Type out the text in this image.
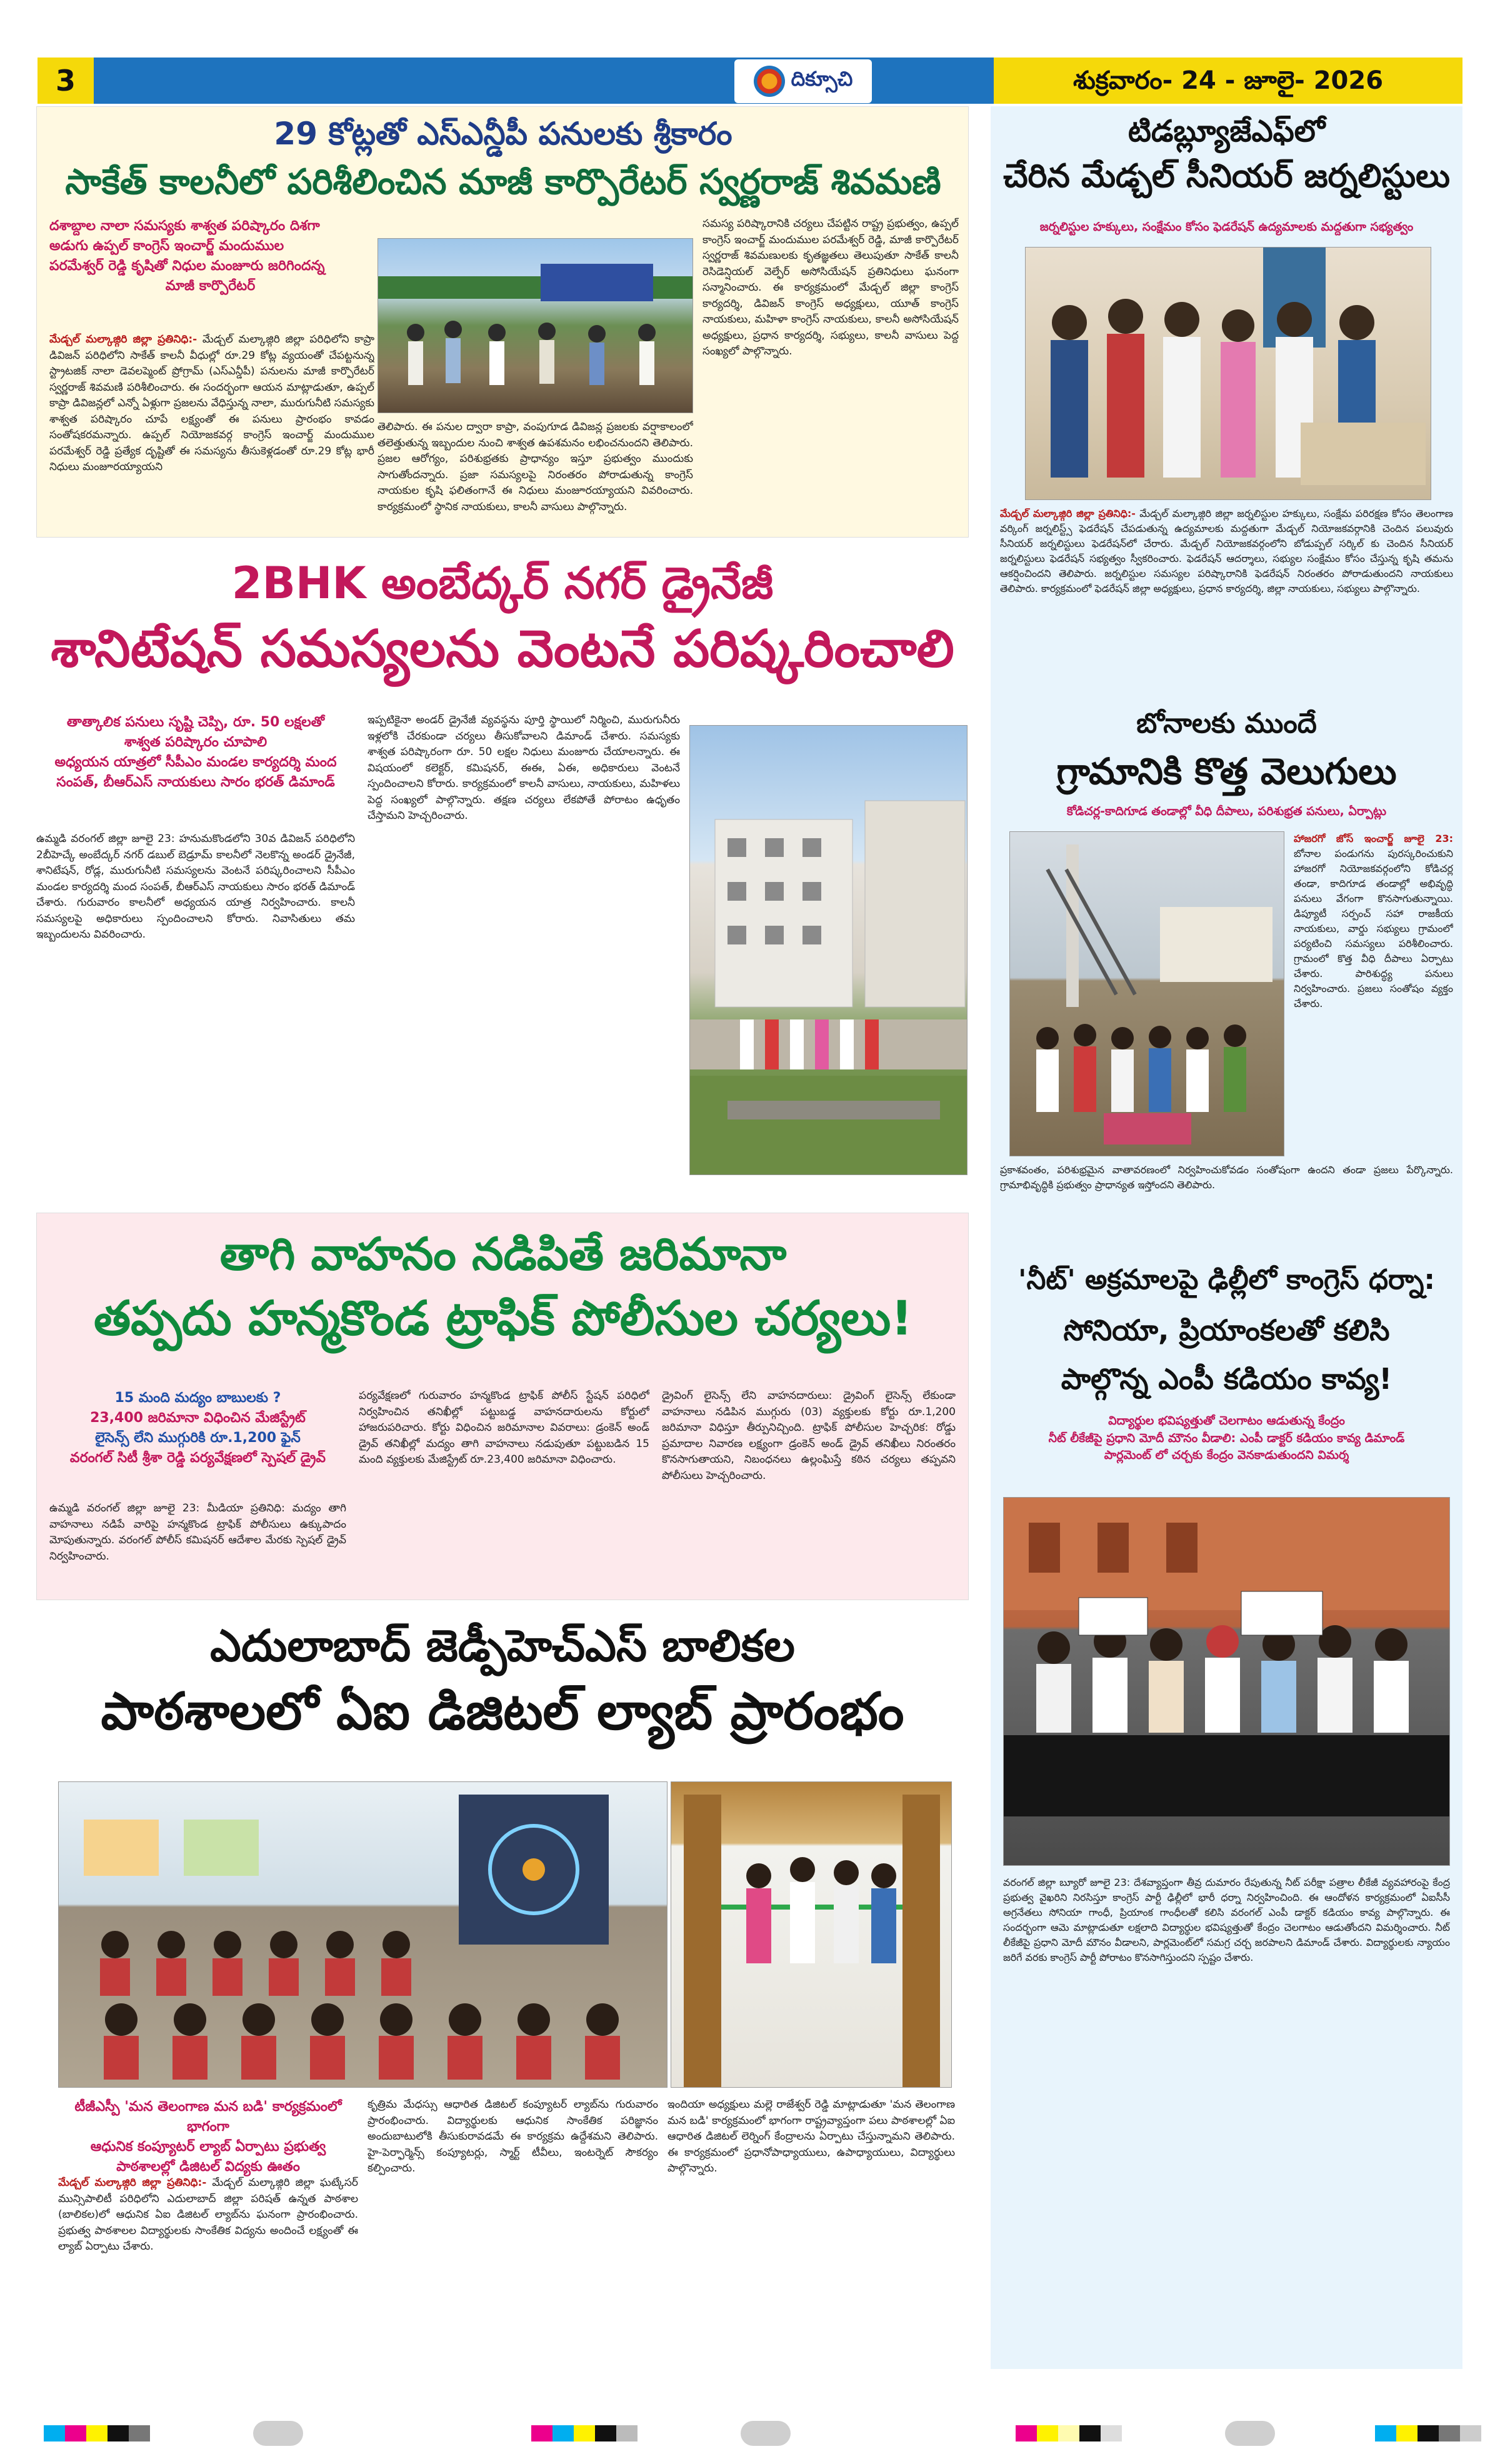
3	దిక్సూచి	శుక్రవారం- 24 - జూలై- 2026
29 కోట్లతో ఎస్ఎన్డీపీ పనులకు శ్రీకారం
సాకేత్ కాలనీలో పరిశీలించిన మాజీ కార్పొరేటర్ స్వర్ణరాజ్ శివమణి
దశాబ్దాల నాలా సమస్యకు శాశ్వత పరిష్కారం దిశగా
అడుగు ఉప్పల్ కాంగ్రెస్ ఇంచార్జ్ మందుముల
పరమేశ్వర్ రెడ్డి కృషితో నిధుల మంజూరు జరిగిందన్న
మాజీ కార్పొరేటర్
మేడ్చల్ మల్కాజ్గిరి జిల్లా ప్రతినిధి:- మేడ్చల్ మల్కాజ్గిరి జిల్లా పరిధిలోని కాప్రా డివిజన్ పరిధిలోని సాకేత్ కాలనీ వీధుల్లో రూ.29 కోట్ల వ్యయంతో చేపట్టనున్న స్ట్రాటజిక్ నాలా డెవలప్మెంట్ ప్రోగ్రామ్ (ఎస్ఎన్డీపీ) పనులను మాజీ కార్పొరేటర్ స్వర్ణరాజ్ శివమణి పరిశీలించారు. ఈ సందర్భంగా ఆయన మాట్లాడుతూ, ఉప్పల్ కాప్రా డివిజన్లలో ఎన్నో ఏళ్లుగా ప్రజలను వేధిస్తున్న నాలా, మురుగునీటి సమస్యకు శాశ్వత పరిష్కారం చూపే లక్ష్యంతో ఈ పనులు ప్రారంభం కావడం సంతోషకరమన్నారు. ఉప్పల్ నియోజకవర్గ కాంగ్రెస్ ఇంచార్జ్ మందుముల పరమేశ్వర్ రెడ్డి ప్రత్యేక దృష్టితో ఈ సమస్యను తీసుకెళ్లడంతో రూ.29 కోట్ల భారీ నిధులు మంజూరయ్యాయని
తెలిపారు. ఈ పనుల ద్వారా కాప్రా, వంపుగూడ డివిజన్ల ప్రజలకు వర్షాకాలంలో తలెత్తుతున్న ఇబ్బందుల నుంచి శాశ్వత ఉపశమనం లభించనుందని తెలిపారు. ప్రజల ఆరోగ్యం, పరిశుభ్రతకు ప్రాధాన్యం ఇస్తూ ప్రభుత్వం ముందుకు సాగుతోందన్నారు. ప్రజా సమస్యలపై నిరంతరం పోరాడుతున్న కాంగ్రెస్ నాయకుల కృషి ఫలితంగానే ఈ నిధులు మంజూరయ్యాయని వివరించారు. కార్యక్రమంలో స్థానిక నాయకులు, కాలనీ వాసులు పాల్గొన్నారు.
సమస్య పరిష్కారానికి చర్యలు చేపట్టిన రాష్ట్ర ప్రభుత్వం, ఉప్పల్ కాంగ్రెస్ ఇంచార్జ్ మందుముల పరమేశ్వర్ రెడ్డి, మాజీ కార్పొరేటర్ స్వర్ణరాజ్ శివమణులకు కృతజ్ఞతలు తెలుపుతూ సాకేత్ కాలనీ రెసిడెన్షియల్ వెల్ఫేర్ అసోసియేషన్ ప్రతినిధులు ఘనంగా సన్మానించారు. ఈ కార్యక్రమంలో మేడ్చల్ జిల్లా కాంగ్రెస్ కార్యదర్శి, డివిజన్ కాంగ్రెస్ అధ్యక్షులు, యూత్ కాంగ్రెస్ నాయకులు, మహిళా కాంగ్రెస్ నాయకులు, కాలనీ అసోసియేషన్ అధ్యక్షులు, ప్రధాన కార్యదర్శి, సభ్యులు, కాలనీ వాసులు పెద్ద సంఖ్యలో పాల్గొన్నారు.
2BHK అంబేద్కర్ నగర్ డ్రైనేజీ
శానిటేషన్ సమస్యలను వెంటనే పరిష్కరించాలి
తాత్కాలిక పనులు సృష్టి చెప్పి, రూ. 50 లక్షలతో
శాశ్వత పరిష్కారం చూపాలి
అధ్యయన యాత్రలో సీపీఎం మండల కార్యదర్శి మంద
సంపత్, బీఆర్ఎస్ నాయకులు సారం భరత్ డిమాండ్
ఉమ్మడి వరంగల్ జిల్లా జూలై 23: హనుమకొండలోని 30వ డివిజన్ పరిధిలోని 2బీహెచ్కే అంబేద్కర్ నగర్ డబుల్ బెడ్రూమ్ కాలనీలో నెలకొన్న అండర్ డ్రైనేజీ, శానిటేషన్, రోడ్ల, మురుగునీటి సమస్యలను వెంటనే పరిష్కరించాలని సీపీఎం మండల కార్యదర్శి మంద సంపత్, బీఆర్ఎస్ నాయకులు సారం భరత్ డిమాండ్ చేశారు. గురువారం కాలనీలో అధ్యయన యాత్ర నిర్వహించారు. కాలనీ సమస్యలపై అధికారులు స్పందించాలని కోరారు. నివాసితులు తమ ఇబ్బందులను వివరించారు.
ఇప్పటికైనా అండర్ డ్రైనేజీ వ్యవస్థను పూర్తి స్థాయిలో నిర్మించి, మురుగునీరు ఇళ్లలోకి చేరకుండా చర్యలు తీసుకోవాలని డిమాండ్ చేశారు. సమస్యకు శాశ్వత పరిష్కారంగా రూ. 50 లక్షల నిధులు మంజూరు చేయాలన్నారు. ఈ విషయంలో కలెక్టర్, కమిషనర్, ఈఈ, ఏఈ, అధికారులు వెంటనే స్పందించాలని కోరారు. కార్యక్రమంలో కాలనీ వాసులు, నాయకులు, మహిళలు పెద్ద సంఖ్యలో పాల్గొన్నారు. తక్షణ చర్యలు లేకపోతే పోరాటం ఉధృతం చేస్తామని హెచ్చరించారు.
తాగి వాహనం నడిపితే జరిమానా
తప్పదు హన్మకొండ ట్రాఫిక్ పోలీసుల చర్యలు!
15 మంది మద్యం బాబులకు ?
23,400 జరిమానా విధించిన మేజిస్ట్రేట్
లైసెన్స్ లేని ముగ్గురికి రూ.1,200 ఫైన్
వరంగల్ సిటీ శ్రీశా రెడ్డి పర్యవేక్షణలో స్పెషల్ డ్రైవ్
ఉమ్మడి వరంగల్ జిల్లా జూలై 23: మీడియా ప్రతినిధి: మద్యం తాగి వాహనాలు నడిపే వారిపై హన్మకొండ ట్రాఫిక్ పోలీసులు ఉక్కుపాదం మోపుతున్నారు. వరంగల్ పోలీస్ కమిషనర్ ఆదేశాల మేరకు స్పెషల్ డ్రైవ్ నిర్వహించారు.
పర్యవేక్షణలో గురువారం హన్మకొండ ట్రాఫిక్ పోలీస్ స్టేషన్ పరిధిలో నిర్వహించిన తనిఖీల్లో పట్టుబడ్డ వాహనదారులను కోర్టులో హాజరుపరిచారు. కోర్టు విధించిన జరిమానాల వివరాలు: డ్రంకెన్ అండ్ డ్రైవ్ తనిఖీల్లో మద్యం తాగి వాహనాలు నడుపుతూ పట్టుబడిన 15 మంది వ్యక్తులకు మేజిస్ట్రేట్ రూ.23,400 జరిమానా విధించారు.
డ్రైవింగ్ లైసెన్స్ లేని వాహనదారులు: డ్రైవింగ్ లైసెన్స్ లేకుండా వాహనాలు నడిపిన ముగ్గురు (03) వ్యక్తులకు కోర్టు రూ.1,200 జరిమానా విధిస్తూ తీర్పునిచ్చింది. ట్రాఫిక్ పోలీసుల హెచ్చరిక: రోడ్డు ప్రమాదాల నివారణ లక్ష్యంగా డ్రంకెన్ అండ్ డ్రైవ్ తనిఖీలు నిరంతరం కొనసాగుతాయని, నిబంధనలు ఉల్లంఘిస్తే కఠిన చర్యలు తప్పవని పోలీసులు హెచ్చరించారు.
ఎదులాబాద్ జెడ్పీహెచ్ఎస్ బాలికల
పాఠశాలలో ఏఐ డిజిటల్ ల్యాబ్ ప్రారంభం
టీజీఎస్పీ 'మన తెలంగాణ మన బడి' కార్యక్రమంలో భాగంగా
ఆధునిక కంప్యూటర్ ల్యాబ్ ఏర్పాటు ప్రభుత్వ
పాఠశాలల్లో డిజిటల్ విద్యకు ఊతం
మేడ్చల్ మల్కాజ్గిరి జిల్లా ప్రతినిధి:- మేడ్చల్ మల్కాజ్గిరి జిల్లా ఘట్కేసర్ మున్సిపాలిటీ పరిధిలోని ఎదులాబాద్ జిల్లా పరిషత్ ఉన్నత పాఠశాల (బాలికల)లో ఆధునిక ఏఐ డిజిటల్ ల్యాబ్‌ను ఘనంగా ప్రారంభించారు. ప్రభుత్వ పాఠశాలల విద్యార్థులకు సాంకేతిక విద్యను అందించే లక్ష్యంతో ఈ ల్యాబ్ ఏర్పాటు చేశారు.
కృత్రిమ మేధస్సు ఆధారిత డిజిటల్ కంప్యూటర్ ల్యాబ్‌ను గురువారం ప్రారంభించారు. విద్యార్థులకు ఆధునిక సాంకేతిక పరిజ్ఞానం అందుబాటులోకి తీసుకురావడమే ఈ కార్యక్రమ ఉద్దేశమని తెలిపారు. హై-పెర్ఫార్మెన్స్ కంప్యూటర్లు, స్మార్ట్ టీవీలు, ఇంటర్నెట్ సౌకర్యం కల్పించారు.
ఇందియా అధ్యక్షులు మల్లె రాజేశ్వర్ రెడ్డి మాట్లాడుతూ 'మన తెలంగాణ మన బడి' కార్యక్రమంలో భాగంగా రాష్ట్రవ్యాప్తంగా పలు పాఠశాలల్లో ఏఐ ఆధారిత డిజిటల్ లెర్నింగ్ కేంద్రాలను ఏర్పాటు చేస్తున్నామని తెలిపారు. ఈ కార్యక్రమంలో ప్రధానోపాధ్యాయులు, ఉపాధ్యాయులు, విద్యార్థులు పాల్గొన్నారు.
టిడబ్ల్యూజేఎఫ్‌లో
చేరిన మేడ్చల్ సీనియర్ జర్నలిస్టులు
జర్నలిస్టుల హక్కులు, సంక్షేమం కోసం ఫెడరేషన్ ఉద్యమాలకు మద్దతుగా సభ్యత్వం
మేడ్చల్ మల్కాజ్గిరి జిల్లా ప్రతినిధి:- మేడ్చల్ మల్కాజ్గిరి జిల్లా జర్నలిస్టుల హక్కులు, సంక్షేమ పరిరక్షణ కోసం తెలంగాణ వర్కింగ్ జర్నలిస్ట్స్ ఫెడరేషన్ చేపడుతున్న ఉద్యమాలకు మద్దతుగా మేడ్చల్ నియోజకవర్గానికి చెందిన పలువురు సీనియర్ జర్నలిస్టులు ఫెడరేషన్‌లో చేరారు. మేడ్చల్ నియోజకవర్గంలోని బోడుప్పల్ సర్కిల్ కు చెందిన సీనియర్ జర్నలిస్టులు ఫెడరేషన్ సభ్యత్వం స్వీకరించారు. ఫెడరేషన్ ఆదర్శాలు, సభ్యుల సంక్షేమం కోసం చేస్తున్న కృషి తమను ఆకర్షించిందని తెలిపారు. జర్నలిస్టుల సమస్యల పరిష్కారానికి ఫెడరేషన్ నిరంతరం పోరాడుతుందని నాయకులు తెలిపారు. కార్యక్రమంలో ఫెడరేషన్ జిల్లా అధ్యక్షులు, ప్రధాన కార్యదర్శి, జిల్లా నాయకులు, సభ్యులు పాల్గొన్నారు.
బోనాలకు ముందే
గ్రామానికి కొత్త వెలుగులు
కోడిచర్ల-కాదిగూడ తండాల్లో వీధి దీపాలు, పరిశుభ్రత పనులు, ఏర్పాట్లు
హాజరగో జోస్ ఇంచార్జ్ జూలై 23: బోనాల పండుగను పురస్కరించుకుని హాజరగో నియోజకవర్గంలోని కోడిచర్ల తండా, కాదిగూడ తండాల్లో అభివృద్ధి పనులు వేగంగా కొనసాగుతున్నాయి. డిప్యూటీ సర్పంచ్ సహా రాజకీయ నాయకులు, వార్డు సభ్యులు గ్రామంలో పర్యటించి సమస్యలు పరిశీలించారు. గ్రామంలో కొత్త వీధి దీపాలు ఏర్పాటు చేశారు. పారిశుద్ధ్య పనులు నిర్వహించారు. ప్రజలు సంతోషం వ్యక్తం చేశారు.
ప్రకాశవంతం, పరిశుభ్రమైన వాతావరణంలో నిర్వహించుకోవడం సంతోషంగా ఉందని తండా ప్రజలు పేర్కొన్నారు. గ్రామాభివృద్ధికి ప్రభుత్వం ప్రాధాన్యత ఇస్తోందని తెలిపారు.
'నీట్' అక్రమాలపై ఢిల్లీలో కాంగ్రెస్ ధర్నా:
సోనియా, ప్రియాంకలతో కలిసి
పాల్గొన్న ఎంపీ కడియం కావ్య!
విద్యార్థుల భవిష్యత్తుతో చెలగాటం ఆడుతున్న కేంద్రం
నీట్ లీకేజీపై ప్రధాని మోదీ మౌనం వీడాలి: ఎంపీ డాక్టర్ కడియం కావ్య డిమాండ్
పార్లమెంట్ లో చర్చకు కేంద్రం వెనకాడుతుందని విమర్శ
వరంగల్ జిల్లా బ్యూరో జూలై 23: దేశవ్యాప్తంగా తీవ్ర దుమారం రేపుతున్న నీట్ పరీక్షా పత్రాల లీకేజీ వ్యవహారంపై కేంద్ర ప్రభుత్వ వైఖరిని నిరసిస్తూ కాంగ్రెస్ పార్టీ ఢిల్లీలో భారీ ధర్నా నిర్వహించింది. ఈ ఆందోళన కార్యక్రమంలో ఏఐసీసీ అగ్రనేతలు సోనియా గాంధీ, ప్రియాంక గాంధీలతో కలిసి వరంగల్ ఎంపీ డాక్టర్ కడియం కావ్య పాల్గొన్నారు. ఈ సందర్భంగా ఆమె మాట్లాడుతూ లక్షలాది విద్యార్థుల భవిష్యత్తుతో కేంద్రం చెలగాటం ఆడుతోందని విమర్శించారు. నీట్ లీకేజీపై ప్రధాని మోదీ మౌనం వీడాలని, పార్లమెంట్‌లో సమగ్ర చర్చ జరపాలని డిమాండ్ చేశారు. విద్యార్థులకు న్యాయం జరిగే వరకు కాంగ్రెస్ పార్టీ పోరాటం కొనసాగిస్తుందని స్పష్టం చేశారు.
